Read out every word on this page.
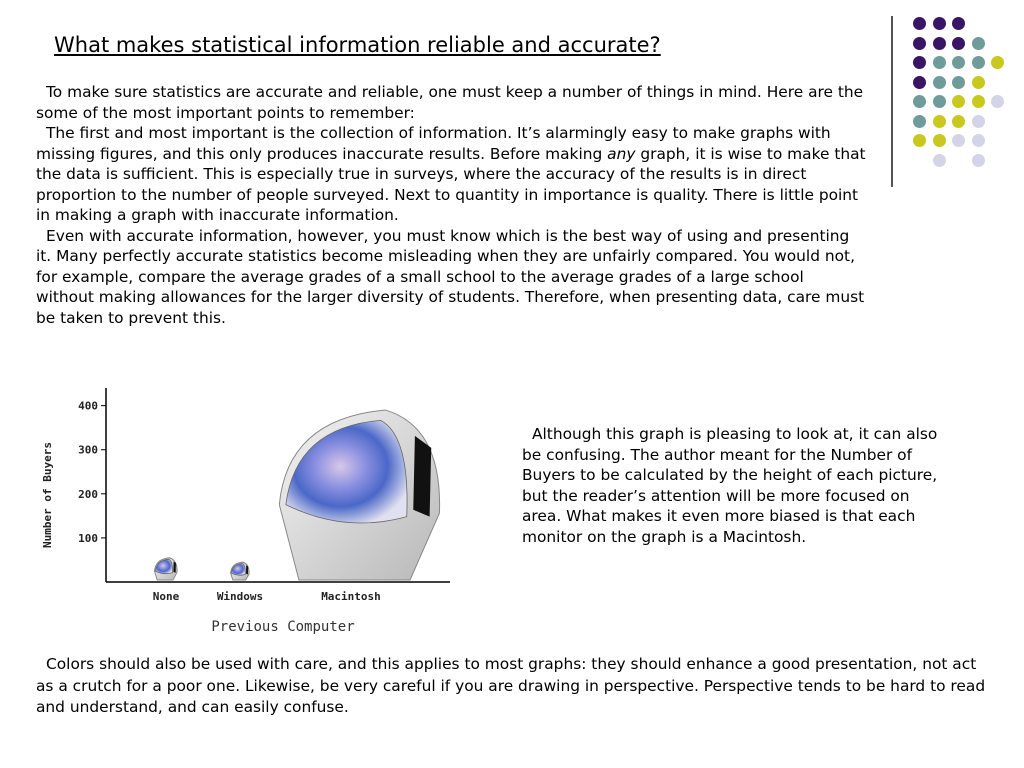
What makes statistical information reliable and accurate?

To make sure statistics are accurate and reliable, one must keep a number of things in mind. Here are the some of the most important points to remember:
The first and most important is the collection of information. It’s alarmingly easy to make graphs with missing figures, and this only produces inaccurate results. Before making any graph, it is wise to make that the data is sufficient. This is especially true in surveys, where the accuracy of the results is in direct proportion to the number of people surveyed. Next to quantity in importance is quality. There is little point in making a graph with inaccurate information.
Even with accurate information, however, you must know which is the best way of using and presenting it. Many perfectly accurate statistics become misleading when they are unfairly compared. You would not, for example, compare the average grades of a small school to the average grades of a large school without making allowances for the larger diversity of students. Therefore, when presenting data, care must be taken to prevent this.

100
200
300
400
Number of Buyers
Previous Computer
None	Windows	Macintosh

Although this graph is pleasing to look at, it can also be confusing. The author meant for the Number of Buyers to be calculated by the height of each picture, but the reader’s attention will be more focused on area. What makes it even more biased is that each monitor on the graph is a Macintosh.

Colors should also be used with care, and this applies to most graphs: they should enhance a good presentation, not act as a crutch for a poor one. Likewise, be very careful if you are drawing in perspective. Perspective tends to be hard to read and understand, and can easily confuse.
